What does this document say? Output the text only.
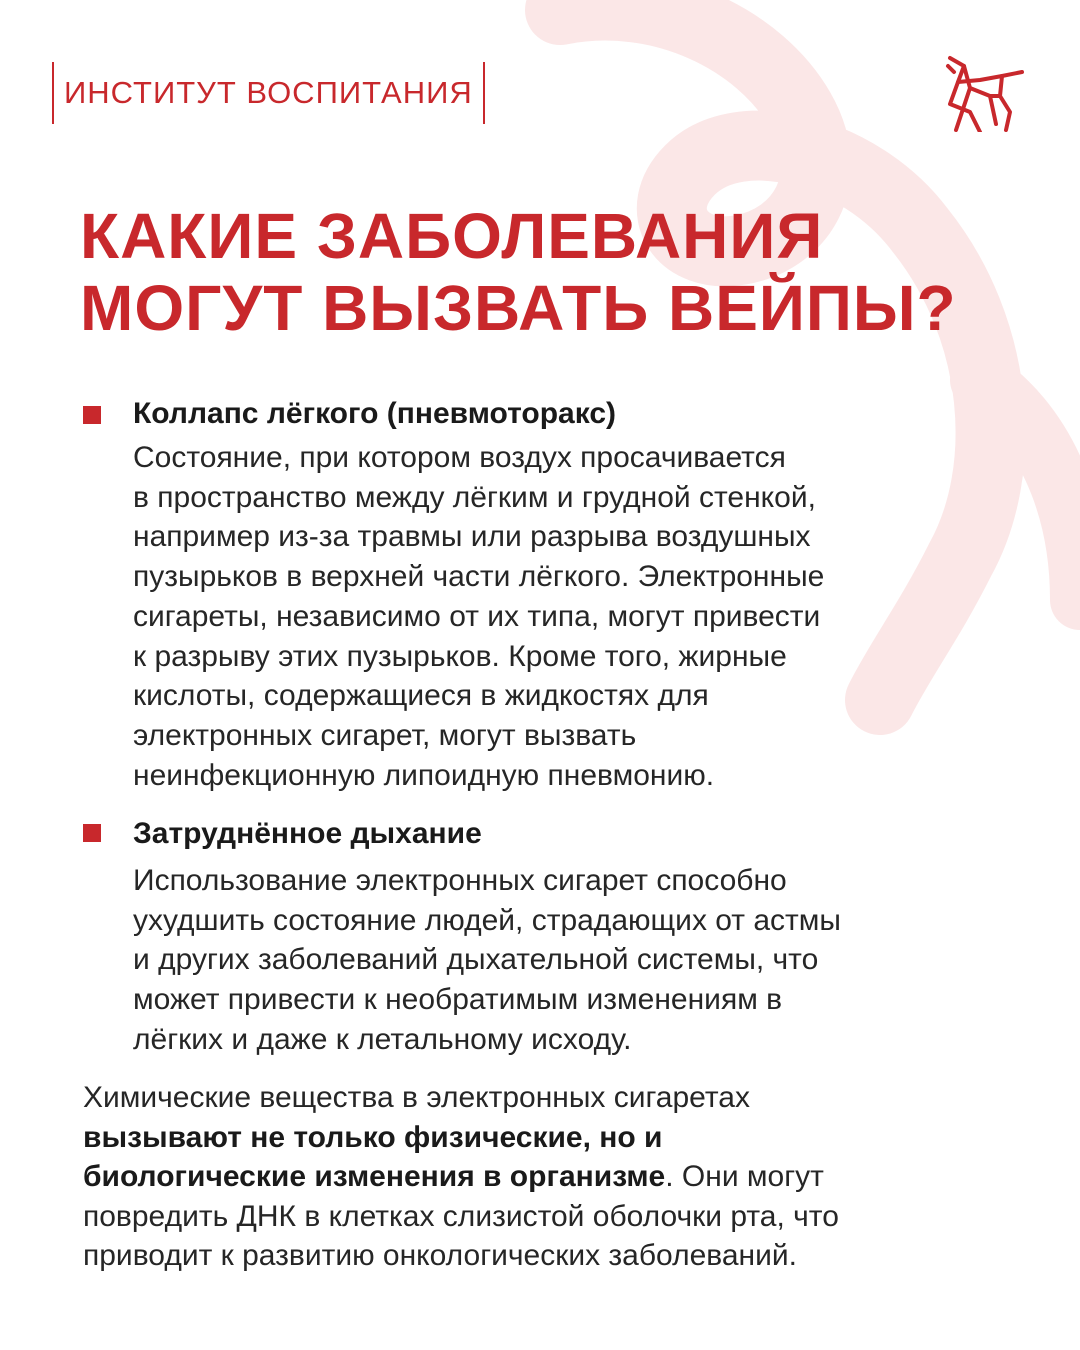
ИНСТИТУТ ВОСПИТАНИЯ
КАКИЕ ЗАБОЛЕВАНИЯ
МОГУТ ВЫЗВАТЬ ВЕЙПЫ?
Коллапс лёгкого (пневмоторакс)
Состояние, при котором воздух просачивается
в пространство между лёгким и грудной стенкой,
например из-за травмы или разрыва воздушных
пузырьков в верхней части лёгкого. Электронные
сигареты, независимо от их типа, могут привести
к разрыву этих пузырьков. Кроме того, жирные
кислоты, содержащиеся в жидкостях для
электронных сигарет, могут вызвать
неинфекционную липоидную пневмонию.
Затруднённое дыхание
Использование электронных сигарет способно
ухудшить состояние людей, страдающих от астмы
и других заболеваний дыхательной системы, что
может привести к необратимым изменениям в
лёгких и даже к летальному исходу.
Химические вещества в электронных сигаретах
вызывают не только физические, но и
биологические изменения в организме. Они могут
повредить ДНК в клетках слизистой оболочки рта, что
приводит к развитию онкологических заболеваний.
